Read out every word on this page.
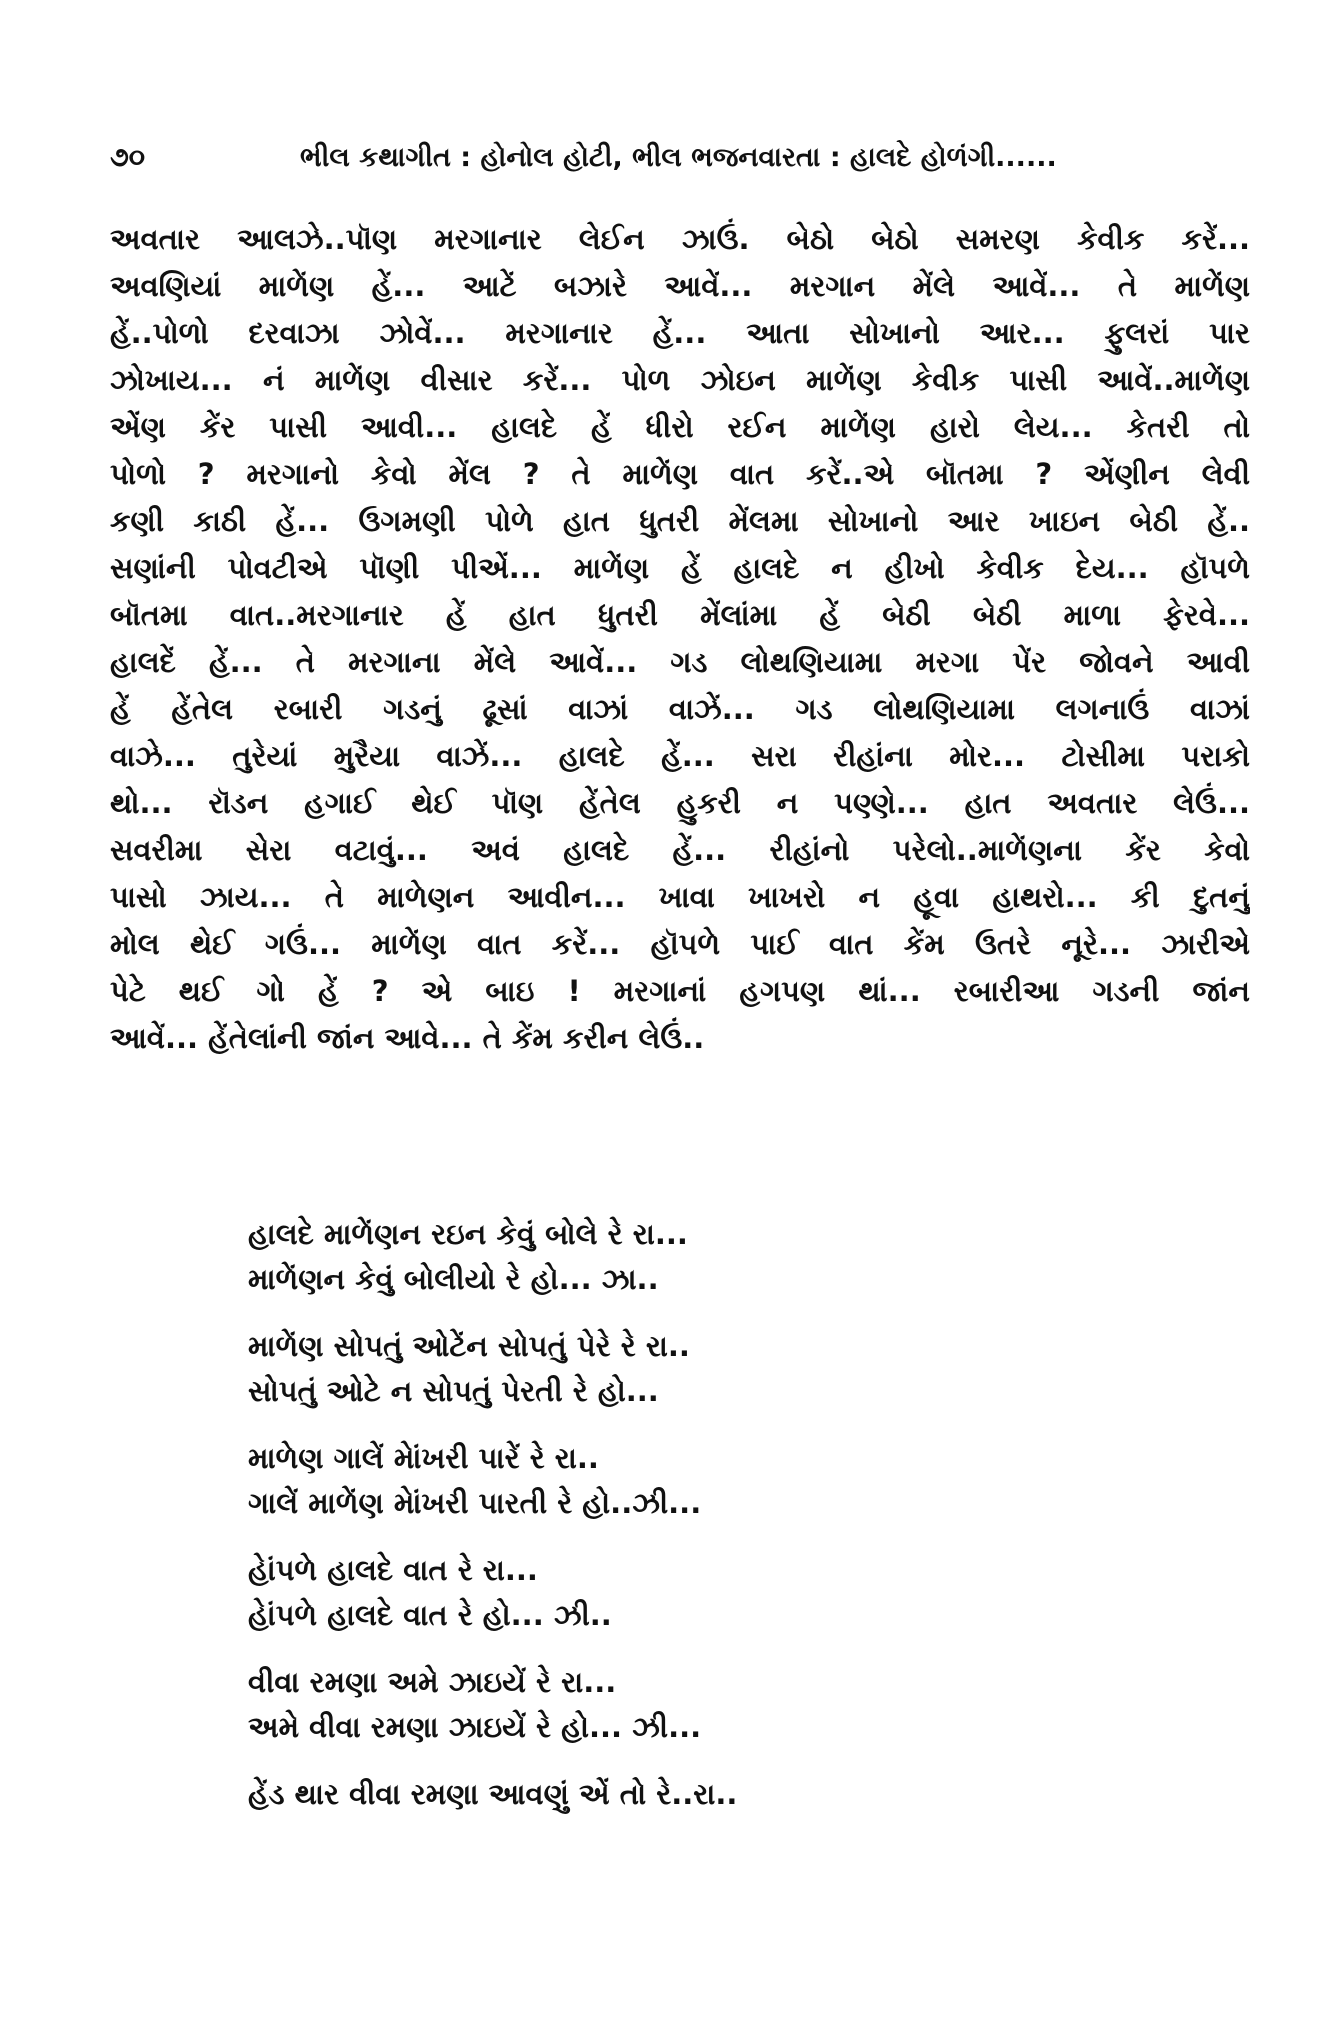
૭૦	ભીલ કથાગીત : હોનોલ હોટી, ભીલ ભજનવારતા : હાલદે હોળંગી......
અવતાર આલઝે..પૉણ મરગાનાર લેઈન ઝાઉં. બેઠો બેઠો સમરણ કેવીક કરેં...
અવણિયાં માળેંણ હેં... આટેં બઝારે આવેં... મરગાન મેંલે આવેં... તે માળેંણ
હેં..પોળો દરવાઝા ઝોવેં... મરગાનાર હેં... આતા સોખાનો આર... ફુલરાં પાર
ઝોખાય... નં માળેંણ વીસાર કરેં... પોળ ઝોઇન માળેંણ કેવીક પાસી આવેં..માળેંણ
એંણ કેંર પાસી આવી... હાલદે હેં ધીરો રઈન માળેંણ હારો લેય... કેતરી તો
પોળો ? મરગાનો કેવો મેંલ ? તે માળેંણ વાત કરેં..એ બૉતમા ? એંણીન લેવી
કણી કાઠી હેં... ઉગમણી પોળે હાત ધુતરી મેંલમા સોખાનો આર ખાઇન બેઠી હેં..
સણાંની પોવટીએ પૉણી પીએં... માળેંણ હેં હાલદે ન હીખો કેવીક દેય... હૉપળે
બૉતમા વાત..મરગાનાર હેં હાત ધુતરી મેંલાંમા હેં બેઠી બેઠી માળા ફેરવે...
હાલદેં હેં... તે મરગાના મેંલે આવેં... ગડ લોથણિયામા મરગા પેંર જોવને આવી
હેં હેંતેલ રબારી ગડનું ઢૂસાં વાઝાં વાઝેં... ગડ લોથણિયામા લગનાઉં વાઝાં
વાઝે... તુરેયાં મુરૈયા વાઝેં... હાલદે હેં... સરા રીહાંના મોર... ટોસીમા પરાકો
થો... રૉડન હગાઈ થેઈ પૉણ હેંતેલ હુકરી ન પણ્ણે... હાત અવતાર લેઉં...
સવરીમા સેરા વટાવું... અવં હાલદે હેં... રીહાંનો પરેલો..માળેંણના કેંર કેવો
પાસો ઝાય... તે માળેણન આવીન... ખાવા ખાખરો ન હૂવા હાથરો... કી દુતનું
મોલ થેઈ ગઉં... માળેંણ વાત કરેં... હૉપળે પાઈ વાત કેંમ ઉતરે નૂરે... ઝારીએ
પેટે થઈ ગો હેં ? એ બાઇ ! મરગાનાં હગપણ થાં... રબારીઆ ગડની જાંન
આવેં... હેંતેલાંની જાંન આવે... તે કેંમ કરીન લેઉં..
હાલદે માળેંણન રઇન કેવું બોલે રે રા...
માળેંણન કેવું બોલીયો રે હો... ઝા..
માળેંણ સોપતું ઓટેંન સોપતું પેરે રે રા..
સોપતું ઓટે ન સોપતું પેરતી રે હો...
માળેણ ગાલેં મેાંખરી પારેં રે રા..
ગાલેં માળેંણ મેાંખરી પારતી રે હો..ઝી...
હેાંપળે હાલદે વાત રે રા...
હેાંપળે હાલદે વાત રે હો... ઝી..
વીવા રમણા અમે ઝાઇયેં રે રા...
અમે વીવા રમણા ઝાઇયેં રે હો... ઝી...
હેંડ થાર વીવા રમણા આવણું એં તો રે..રા..
